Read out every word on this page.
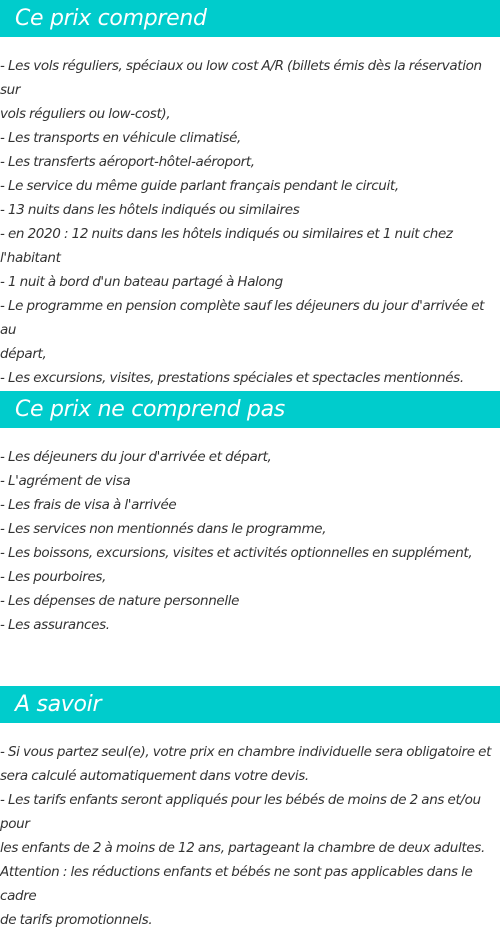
Ce prix comprend

- Les vols réguliers, spéciaux ou low cost A/R (billets émis dès la réservation sur

vols réguliers ou low-cost),

- Les transports en véhicule climatisé,

- Les transferts aéroport-hôtel-aéroport,

- Le service du même guide parlant français pendant le circuit,

- 13 nuits dans les hôtels indiqués ou similaires

- en 2020 : 12 nuits dans les hôtels indiqués ou similaires et 1 nuit chez

l'habitant

- 1 nuit à bord d'un bateau partagé à Halong

- Le programme en pension complète sauf les déjeuners du jour d'arrivée et au

départ,

- Les excursions, visites, prestations spéciales et spectacles mentionnés.

Ce prix ne comprend pas

- Les déjeuners du jour d'arrivée et départ,

- L'agrément de visa

- Les frais de visa à l'arrivée

- Les services non mentionnés dans le programme,

- Les boissons, excursions, visites et activités optionnelles en supplément,

- Les pourboires,

- Les dépenses de nature personnelle

- Les assurances.

A savoir

- Si vous partez seul(e), votre prix en chambre individuelle sera obligatoire et

sera calculé automatiquement dans votre devis.

- Les tarifs enfants seront appliqués pour les bébés de moins de 2 ans et/ou pour

les enfants de 2 à moins de 12 ans, partageant la chambre de deux adultes.

Attention : les réductions enfants et bébés ne sont pas applicables dans le cadre

de tarifs promotionnels.
